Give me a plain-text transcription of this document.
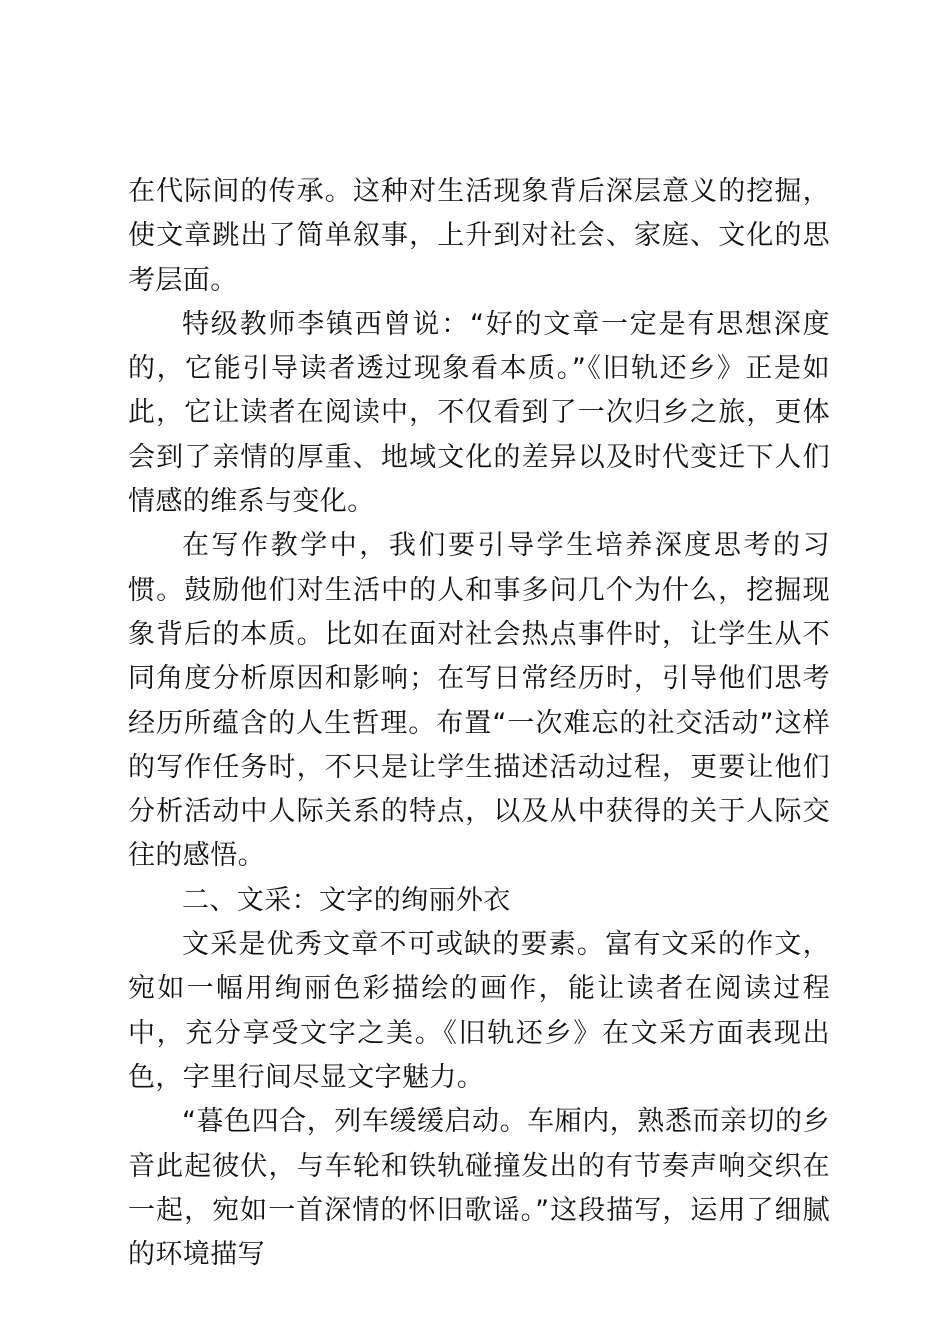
在代际间的传承。这种对生活现象背后深层意义的挖掘，使文章跳出了简单叙事，上升到对社会、家庭、文化的思考层面。

特级教师李镇西曾说：“好的文章一定是有思想深度的，它能引导读者透过现象看本质。”《旧轨还乡》正是如此，它让读者在阅读中，不仅看到了一次归乡之旅，更体会到了亲情的厚重、地域文化的差异以及时代变迁下人们情感的维系与变化。

在写作教学中，我们要引导学生培养深度思考的习惯。鼓励他们对生活中的人和事多问几个为什么，挖掘现象背后的本质。比如在面对社会热点事件时，让学生从不同角度分析原因和影响；在写日常经历时，引导他们思考经历所蕴含的人生哲理。布置“一次难忘的社交活动”这样的写作任务时，不只是让学生描述活动过程，更要让他们分析活动中人际关系的特点，以及从中获得的关于人际交往的感悟。

二、文采：文字的绚丽外衣

文采是优秀文章不可或缺的要素。富有文采的作文，宛如一幅用绚丽色彩描绘的画作，能让读者在阅读过程中，充分享受文字之美。《旧轨还乡》在文采方面表现出色，字里行间尽显文字魅力。

“暮色四合，列车缓缓启动。车厢内，熟悉而亲切的乡音此起彼伏，与车轮和铁轨碰撞发出的有节奏声响交织在一起，宛如一首深情的怀旧歌谣。”这段描写，运用了细腻的环境描写
